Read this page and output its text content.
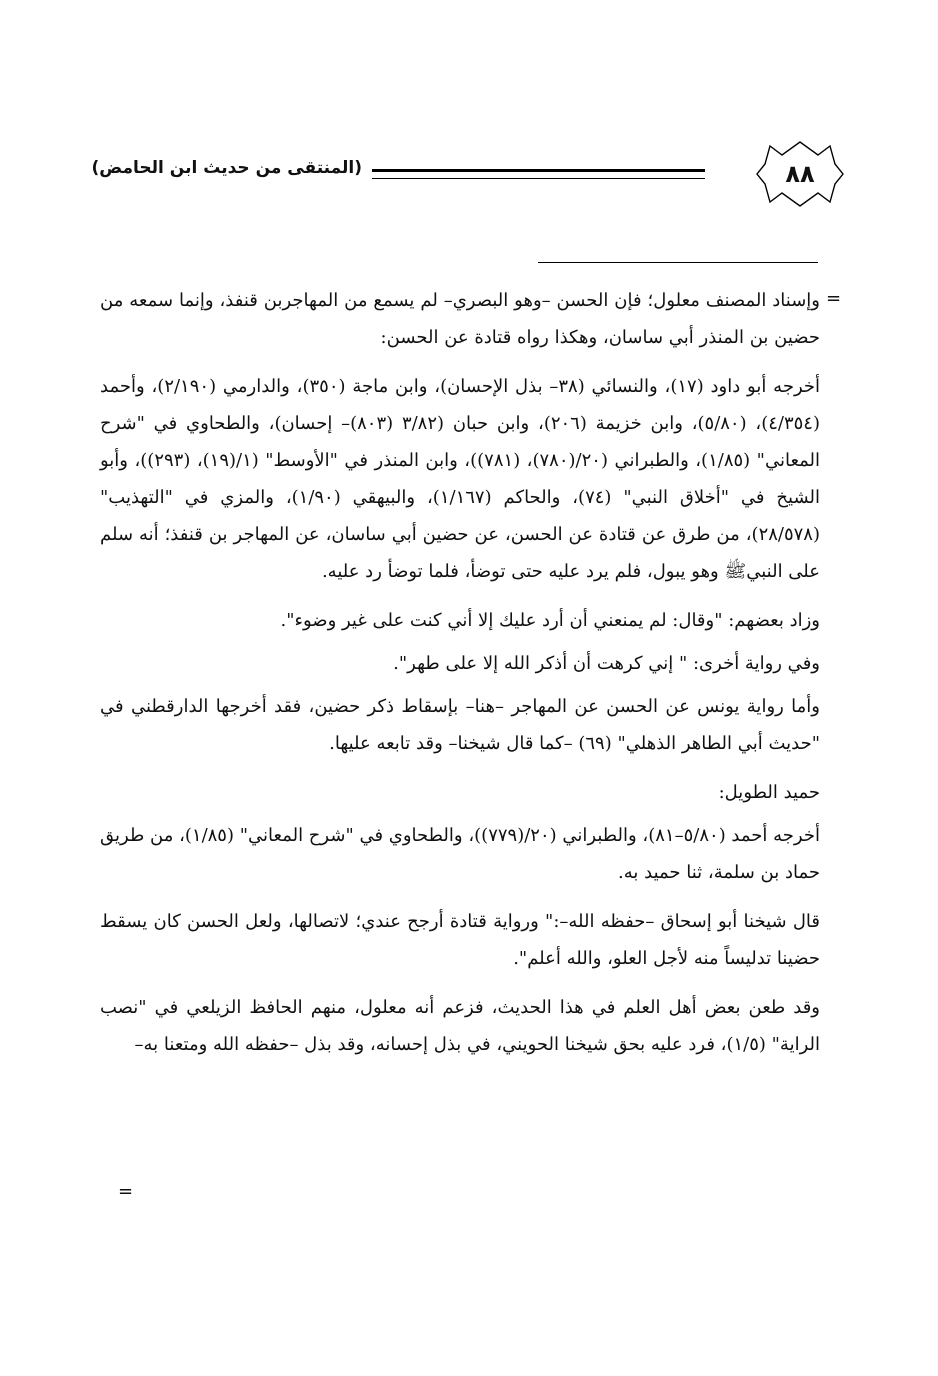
٨٨
(المنتقى من حديث ابن الحامض)
=

وإسناد المصنف معلول؛ فإن الحسن –وهو البصري– لم يسمع من المهاجربن قنفذ، وإنما سمعه من حضين بن المنذر أبي ساسان، وهكذا رواه قتادة عن الحسن:

أخرجه أبو داود (١٧)، والنسائي (٣٨– بذل الإحسان)، وابن ماجة (٣٥٠)، والدارمي (٢/١٩٠)، وأحمد (٤/٣٥٤)، (٥/٨٠)، وابن خزيمة (٢٠٦)، وابن حبان (٣/٨٢ (٨٠٣)– إحسان)، والطحاوي في "شرح المعاني" (١/٨٥)، والطبراني (٢٠/(٧٨٠)، (٧٨١))، وابن المنذر في "الأوسط" (١/(١٩)، (٢٩٣))، وأبو الشيخ في "أخلاق النبي" (٧٤)، والحاكم (١/١٦٧)، والبيهقي (١/٩٠)، والمزي في "التهذيب" (٢٨/٥٧٨)، من طرق عن قتادة عن الحسن، عن حضين أبي ساسان، عن المهاجر بن قنفذ؛ أنه سلم على النبيﷺ وهو يبول، فلم يرد عليه حتى توضأ، فلما توضأ رد عليه.

وزاد بعضهم: "وقال: لم يمنعني أن أرد عليك إلا أني كنت على غير وضوء".

وفي رواية أخرى: " إني كرهت أن أذكر الله إلا على طهر".

وأما رواية يونس عن الحسن عن المهاجر –هنا– بإسقاط ذكر حضين، فقد أخرجها الدارقطني في "حديث أبي الطاهر الذهلي" (٦٩) –كما قال شيخنا– وقد تابعه عليها.

حميد الطويل:

أخرجه أحمد (٥/٨٠–٨١)، والطبراني (٢٠/(٧٧٩))، والطحاوي في "شرح المعاني" (١/٨٥)، من طريق حماد بن سلمة، ثنا حميد به.

قال شيخنا أبو إسحاق –حفظه الله–:" ورواية قتادة أرجح عندي؛ لاتصالها، ولعل الحسن كان يسقط حضينا تدليساً منه لأجل العلو، والله أعلم".

وقد طعن بعض أهل العلم في هذا الحديث، فزعم أنه معلول، منهم الحافظ الزيلعي في "نصب الراية" (١/٥)، فرد عليه بحق شيخنا الحويني، في بذل إحسانه، وقد بذل –حفظه الله ومتعنا به–

=
